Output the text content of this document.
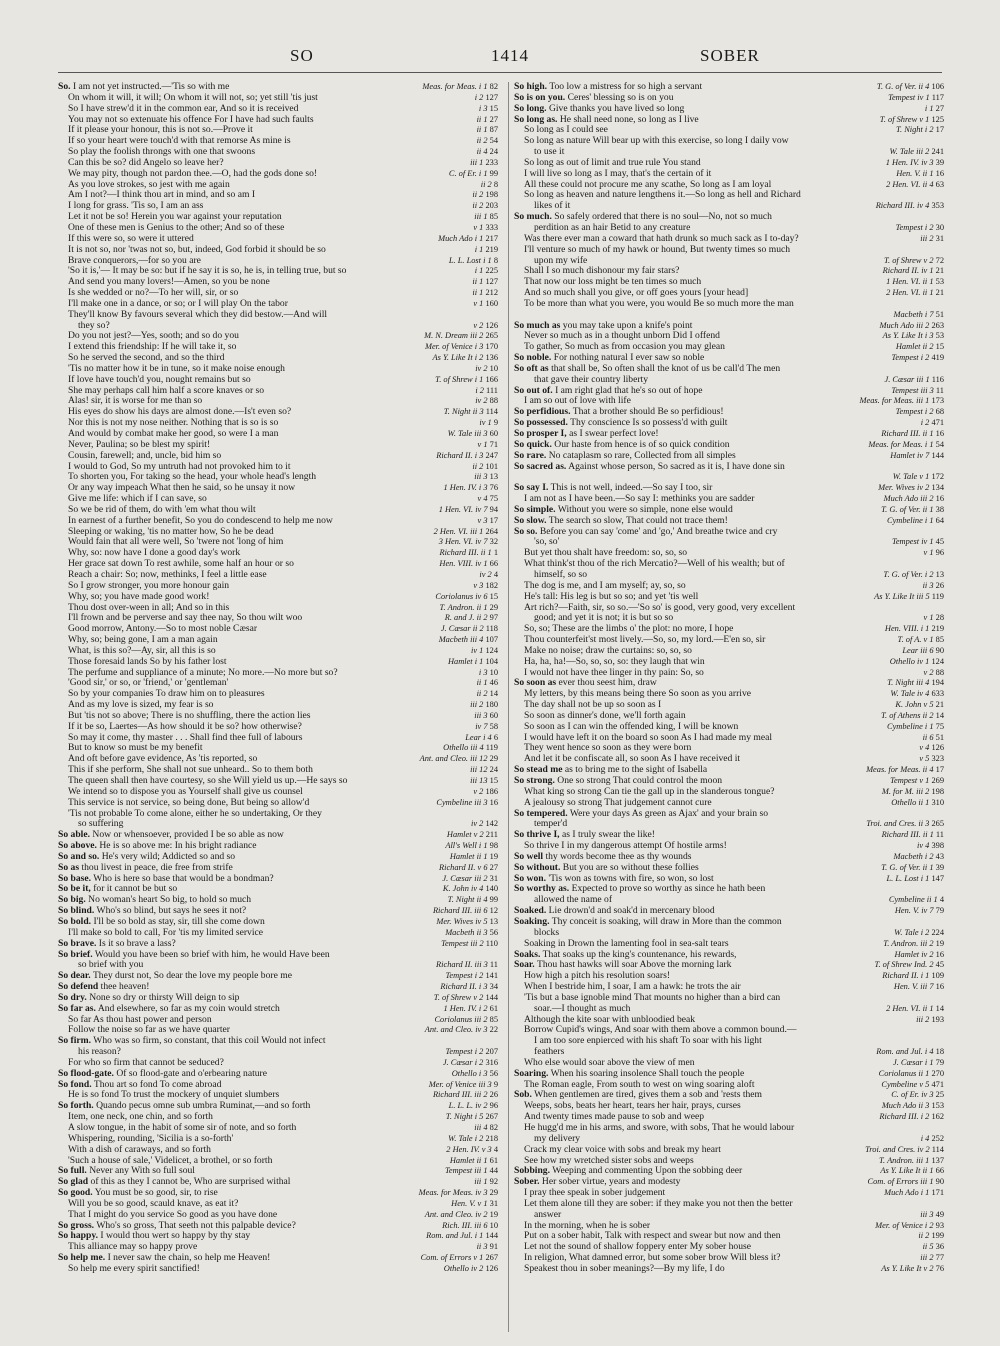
SO	1414	SOBER
So. I am not yet instructed.—'Tis so with me	Meas. for Meas. i 1 82
On whom it will, it will; On whom it will not, so; yet still 'tis just	i 2 127
So I have strew'd it in the common ear, And so it is received	i 3 15
You may not so extenuate his offence For I have had such faults	ii 1 27
If it please your honour, this is not so.—Prove it	ii 1 87
If so your heart were touch'd with that remorse As mine is	ii 2 54
So play the foolish throngs with one that swoons	ii 4 24
Can this be so? did Angelo so leave her?	iii 1 233
We may pity, though not pardon thee.—O, had the gods done so!	C. of Er. i 1 99
As you love strokes, so jest with me again	ii 2 8
Am I not?—I think thou art in mind, and so am I	ii 2 198
I long for grass. 'Tis so, I am an ass	ii 2 203
Let it not be so! Herein you war against your reputation	iii 1 85
One of these men is Genius to the other; And so of these	v 1 333
If this were so, so were it uttered	Much Ado i 1 217
It is not so, nor 'twas not so, but, indeed, God forbid it should be so	i 1 219
Brave conquerors,—for so you are	L. L. Lost i 1 8
'So it is,'— It may be so: but if he say it is so, he is, in telling true, but so	i 1 225
And send you many lovers!—Amen, so you be none	ii 1 127
Is she wedded or no?—To her will, sir, or so	ii 1 212
I'll make one in a dance, or so; or I will play On the tabor	v 1 160
They'll know By favours several which they did bestow.—And will
they so?	v 2 126
Do you not jest?—Yes, sooth; and so do you	M. N. Dream iii 2 265
I extend this friendship: If he will take it, so	Mer. of Venice i 3 170
So he served the second, and so the third	As Y. Like It i 2 136
'Tis no matter how it be in tune, so it make noise enough	iv 2 10
If love have touch'd you, nought remains but so	T. of Shrew i 1 166
She may perhaps call him half a score knaves or so	i 2 111
Alas! sir, it is worse for me than so	iv 2 88
His eyes do show his days are almost done.—Is't even so?	T. Night ii 3 114
Nor this is not my nose neither. Nothing that is so is so	iv 1 9
And would by combat make her good, so were I a man	W. Tale iii 3 60
Never, Paulina; so be blest my spirit!	v 1 71
Cousin, farewell; and, uncle, bid him so	Richard II. i 3 247
I would to God, So my untruth had not provoked him to it	ii 2 101
To shorten you, For taking so the head, your whole head's length	iii 3 13
Or any way impeach What then he said, so he unsay it now	1 Hen. IV. i 3 76
Give me life: which if I can save, so	v 4 75
So we be rid of them, do with 'em what thou wilt	1 Hen. VI. iv 7 94
In earnest of a further benefit, So you do condescend to help me now	v 3 17
Sleeping or waking, 'tis no matter how, So he be dead	2 Hen. VI. iii 1 264
Would fain that all were well, So 'twere not 'long of him	3 Hen. VI. iv 7 32
Why, so: now have I done a good day's work	Richard III. ii 1 1
Her grace sat down To rest awhile, some half an hour or so	Hen. VIII. iv 1 66
Reach a chair: So; now, methinks, I feel a little ease	iv 2 4
So I grow stronger, you more honour gain	v 3 182
Why, so; you have made good work!	Coriolanus iv 6 15
Thou dost over-ween in all; And so in this	T. Andron. ii 1 29
I'll frown and be perverse and say thee nay, So thou wilt woo	R. and J. ii 2 97
Good morrow, Antony.—So to most noble Cæsar	J. Cæsar ii 2 118
Why, so; being gone, I am a man again	Macbeth iii 4 107
What, is this so?—Ay, sir, all this is so	iv 1 124
Those foresaid lands So by his father lost	Hamlet i 1 104
The perfume and suppliance of a minute; No more.—No more but so?	i 3 10
'Good sir,' or so, or 'friend,' or 'gentleman'	ii 1 46
So by your companies To draw him on to pleasures	ii 2 14
And as my love is sized, my fear is so	iii 2 180
But 'tis not so above; There is no shuffling, there the action lies	iii 3 60
If it be so, Laertes—As how should it be so? how otherwise?	iv 7 58
So may it come, thy master . . . Shall find thee full of labours	Lear i 4 6
But to know so must be my benefit	Othello iii 4 119
And oft before gave evidence, As 'tis reported, so	Ant. and Cleo. iii 12 29
This if she perform, She shall not sue unheard.. So to them both	iii 12 24
The queen shall then have courtesy, so she Will yield us up.—He says so	iii 13 15
We intend so to dispose you as Yourself shall give us counsel	v 2 186
This service is not service, so being done, But being so allow'd	Cymbeline iii 3 16
'Tis not probable To come alone, either he so undertaking, Or they
so suffering	iv 2 142
So able. Now or whensoever, provided I be so able as now	Hamlet v 2 211
So above. He is so above me: In his bright radiance	All's Well i 1 98
So and so. He's very wild; Addicted so and so	Hamlet ii 1 19
So as thou livest in peace, die free from strife	Richard II. v 6 27
So base. Who is here so base that would be a bondman?	J. Cæsar iii 2 31
So be it, for it cannot be but so	K. John iv 4 140
So big. No woman's heart So big, to hold so much	T. Night ii 4 99
So blind. Who's so blind, but says he sees it not?	Richard III. iii 6 12
So bold. I'll be so bold as stay, sir, till she come down	Mer. Wives iv 5 13
I'll make so bold to call, For 'tis my limited service	Macbeth ii 3 56
So brave. Is it so brave a lass?	Tempest iii 2 110
So brief. Would you have been so brief with him, he would Have been
so brief with you	Richard II. iii 3 11
So dear. They durst not, So dear the love my people bore me	Tempest i 2 141
So defend thee heaven!	Richard II. i 3 34
So dry. None so dry or thirsty Will deign to sip	T. of Shrew v 2 144
So far as. And elsewhere, so far as my coin would stretch	1 Hen. IV. i 2 61
So far As thou hast power and person	Coriolanus iii 2 85
Follow the noise so far as we have quarter	Ant. and Cleo. iv 3 22
So firm. Who was so firm, so constant, that this coil Would not infect
his reason?	Tempest i 2 207
For who so firm that cannot be seduced?	J. Cæsar i 2 316
So flood-gate. Of so flood-gate and o'erbearing nature	Othello i 3 56
So fond. Thou art so fond To come abroad	Mer. of Venice iii 3 9
He is so fond To trust the mockery of unquiet slumbers	Richard III. iii 2 26
So forth. Quando pecus omne sub umbra Ruminat,—and so forth	L. L. L. iv 2 96
Item, one neck, one chin, and so forth	T. Night i 5 267
A slow tongue, in the habit of some sir of note, and so forth	iii 4 82
Whispering, rounding, 'Sicilia is a so-forth'	W. Tale i 2 218
With a dish of caraways, and so forth	2 Hen. IV. v 3 4
'Such a house of sale,' Videlicet, a brothel, or so forth	Hamlet ii 1 61
So full. Never any With so full soul	Tempest iii 1 44
So glad of this as they I cannot be, Who are surprised withal	iii 1 92
So good. You must be so good, sir, to rise	Meas. for Meas. iv 3 29
Will you be so good, scauld knave, as eat it?	Hen. V. v 1 31
That I might do you service So good as you have done	Ant. and Cleo. iv 2 19
So gross. Who's so gross, That seeth not this palpable device?	Rich. III. iii 6 10
So happy. I would thou wert so happy by thy stay	Rom. and Jul. i 1 144
This alliance may so happy prove	ii 3 91
So help me. I never saw the chain, so help me Heaven!	Com. of Errors v 1 267
So help me every spirit sanctified!	Othello iv 2 126
So high. Too low a mistress for so high a servant	T. G. of Ver. ii 4 106
So is on you. Ceres' blessing so is on you	Tempest iv 1 117
So long. Give thanks you have lived so long	i 1 27
So long as. He shall need none, so long as I live	T. of Shrew v 1 125
So long as I could see	T. Night i 2 17
So long as nature Will bear up with this exercise, so long I daily vow
to use it	W. Tale iii 2 241
So long as out of limit and true rule You stand	1 Hen. IV. iv 3 39
I will live so long as I may, that's the certain of it	Hen. V. ii 1 16
All these could not procure me any scathe, So long as I am loyal	2 Hen. VI. ii 4 63
So long as heaven and nature lengthens it.—So long as hell and Richard
likes of it	Richard III. iv 4 353
So much. So safely ordered that there is no soul—No, not so much
perdition as an hair Betid to any creature	Tempest i 2 30
Was there ever man a coward that hath drunk so much sack as I to-day?	iii 2 31
I'll venture so much of my hawk or hound, But twenty times so much
upon my wife	T. of Shrew v 2 72
Shall I so much dishonour my fair stars?	Richard II. iv 1 21
That now our loss might be ten times so much	1 Hen. VI. ii 1 53
And so much shall you give, or off goes yours [your head]	2 Hen. VI. ii 1 21
To be more than what you were, you would Be so much more the man
Macbeth i 7 51
So much as you may take upon a knife's point	Much Ado iii 2 263
Never so much as in a thought unborn Did I offend	As Y. Like It i 3 53
To gather, So much as from occasion you may glean	Hamlet ii 2 15
So noble. For nothing natural I ever saw so noble	Tempest i 2 419
So oft as that shall be, So often shall the knot of us be call'd The men
that gave their country liberty	J. Cæsar iii 1 116
So out of. I am right glad that he's so out of hope	Tempest iii 3 11
I am so out of love with life	Meas. for Meas. iii 1 173
So perfidious. That a brother should Be so perfidious!	Tempest i 2 68
So possessed. Thy conscience Is so possess'd with guilt	i 2 471
So prosper I, as I swear perfect love!	Richard III. ii 1 16
So quick. Our haste from hence is of so quick condition	Meas. for Meas. i 1 54
So rare. No cataplasm so rare, Collected from all simples	Hamlet iv 7 144
So sacred as. Against whose person, So sacred as it is, I have done sin
W. Tale v 1 172
So say I. This is not well, indeed.—So say I too, sir	Mer. Wives iv 2 134
I am not as I have been.—So say I: methinks you are sadder	Much Ado iii 2 16
So simple. Without you were so simple, none else would	T. G. of Ver. ii 1 38
So slow. The search so slow, That could not trace them!	Cymbeline i 1 64
So so. Before you can say 'come' and 'go,' And breathe twice and cry
'so, so'	Tempest iv 1 45
But yet thou shalt have freedom: so, so, so	v 1 96
What think'st thou of the rich Mercatio?—Well of his wealth; but of
himself, so so	T. G. of Ver. i 2 13
The dog is me, and I am myself; ay, so, so	ii 3 26
He's tall: His leg is but so so; and yet 'tis well	As Y. Like It iii 5 119
Art rich?—Faith, sir, so so.—'So so' is good, very good, very excellent
good; and yet it is not; it is but so so	v 1 28
So, so; These are the limbs o' the plot: no more, I hope	Hen. VIII. i 1 219
Thou counterfeit'st most lively.—So, so, my lord.—E'en so, sir	T. of A. v 1 85
Make no noise; draw the curtains: so, so, so	Lear iii 6 90
Ha, ha, ha!—So, so, so, so: they laugh that win	Othello iv 1 124
I would not have thee linger in thy pain: So, so	v 2 88
So soon as ever thou seest him, draw	T. Night iii 4 194
My letters, by this means being there So soon as you arrive	W. Tale iv 4 633
The day shall not be up so soon as I	K. John v 5 21
So soon as dinner's done, we'll forth again	T. of Athens ii 2 14
So soon as I can win the offended king, I will be known	Cymbeline i 1 75
I would have left it on the board so soon As I had made my meal	ii 6 51
They went hence so soon as they were born	v 4 126
And let it be confiscate all, so soon As I have received it	v 5 323
So stead me as to bring me to the sight of Isabella	Meas. for Meas. ii 4 17
So strong. One so strong That could control the moon	Tempest v 1 269
What king so strong Can tie the gall up in the slanderous tongue?	M. for M. iii 2 198
A jealousy so strong That judgement cannot cure	Othello ii 1 310
So tempered. Were your days As green as Ajax' and your brain so
temper'd	Troi. and Cres. ii 3 265
So thrive I, as I truly swear the like!	Richard III. ii 1 11
So thrive I in my dangerous attempt Of hostile arms!	iv 4 398
So well thy words become thee as thy wounds	Macbeth i 2 43
So without. But you are so without these follies	T. G. of Ver. ii 1 39
So won. 'Tis won as towns with fire, so won, so lost	L. L. Lost i 1 147
So worthy as. Expected to prove so worthy as since he hath been
allowed the name of	Cymbeline ii 1 4
Soaked. Lie drown'd and soak'd in mercenary blood	Hen. V. iv 7 79
Soaking. Thy conceit is soaking, will draw in More than the common
blocks	W. Tale i 2 224
Soaking in Drown the lamenting fool in sea-salt tears	T. Andron. iii 2 19
Soaks. That soaks up the king's countenance, his rewards,	Hamlet iv 2 16
Soar. Thou hast hawks will soar Above the morning lark	T. of Shrew Ind. 2 45
How high a pitch his resolution soars!	Richard II. i 1 109
When I bestride him, I soar, I am a hawk: he trots the air	Hen. V. iii 7 16
'Tis but a base ignoble mind That mounts no higher than a bird can
soar.—I thought as much	2 Hen. VI. ii 1 14
Although the kite soar with unbloodied beak	iii 2 193
Borrow Cupid's wings, And soar with them above a common bound.—
I am too sore enpierced with his shaft To soar with his light
feathers	Rom. and Jul. i 4 18
Who else would soar above the view of men	J. Cæsar i 1 79
Soaring. When his soaring insolence Shall touch the people	Coriolanus ii 1 270
The Roman eagle, From south to west on wing soaring aloft	Cymbeline v 5 471
Sob. When gentlemen are tired, gives them a sob and 'rests them	C. of Er. iv 3 25
Weeps, sobs, beats her heart, tears her hair, prays, curses	Much Ado ii 3 153
And twenty times made pause to sob and weep	Richard III. i 2 162
He hugg'd me in his arms, and swore, with sobs, That he would labour
my delivery	i 4 252
Crack my clear voice with sobs and break my heart	Troi. and Cres. iv 2 114
See how my wretched sister sobs and weeps	T. Andron. iii 1 137
Sobbing. Weeping and commenting Upon the sobbing deer	As Y. Like It ii 1 66
Sober. Her sober virtue, years and modesty	Com. of Errors iii 1 90
I pray thee speak in sober judgement	Much Ado i 1 171
Let them alone till they are sober: if they make you not then the better
answer	iii 3 49
In the morning, when he is sober	Mer. of Venice i 2 93
Put on a sober habit, Talk with respect and swear but now and then	ii 2 199
Let not the sound of shallow foppery enter My sober house	ii 5 36
In religion, What damned error, but some sober brow Will bless it?	iii 2 77
Speakest thou in sober meanings?—By my life, I do	As Y. Like It v 2 76
